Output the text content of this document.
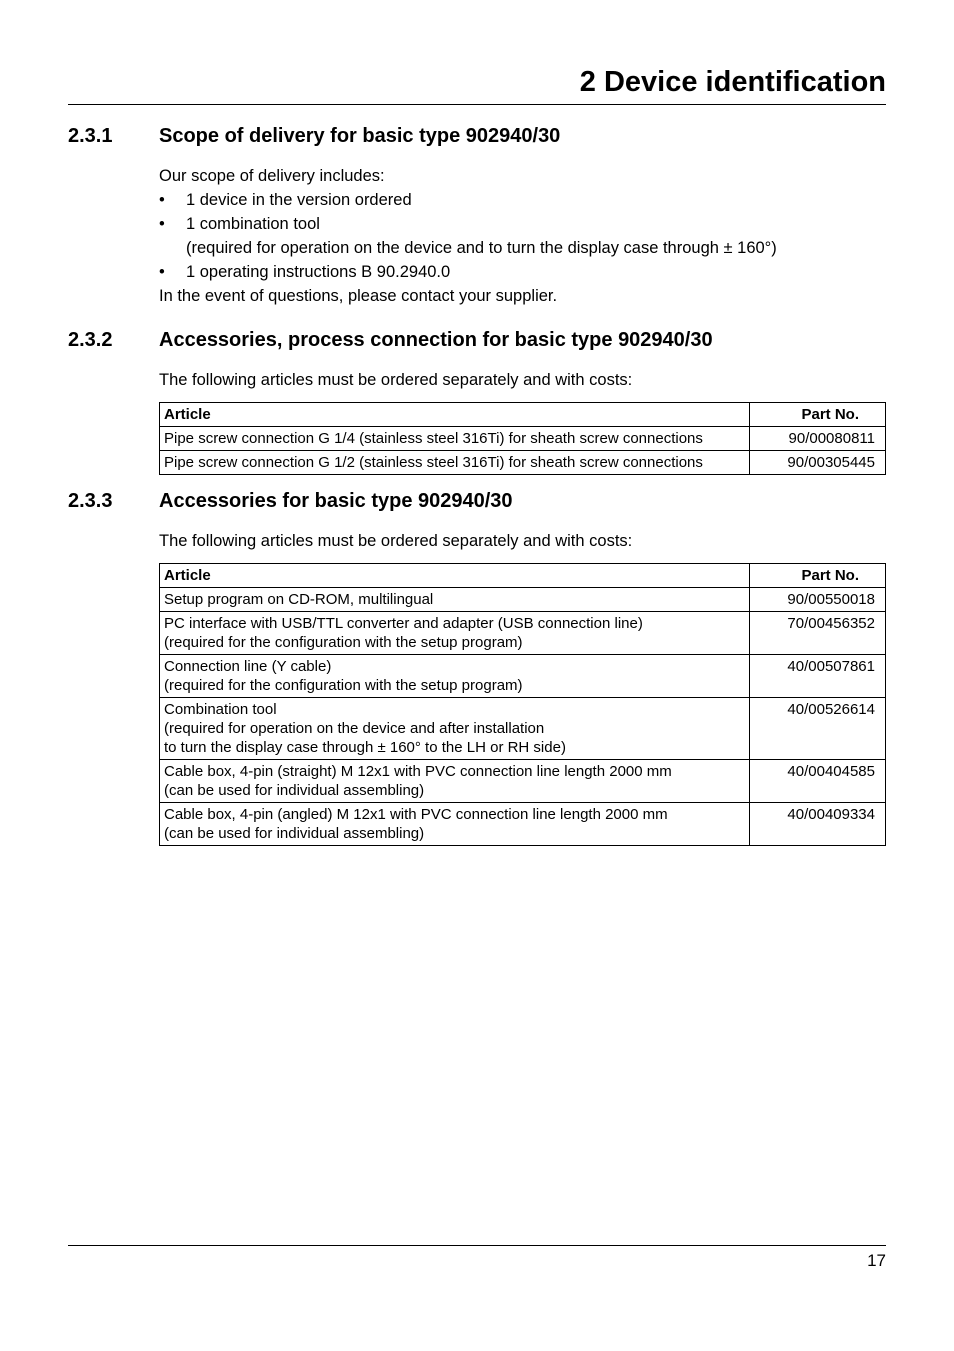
2 Device identification
2.3.1 Scope of delivery for basic type 902940/30

Our scope of delivery includes:

• 1 device in the version ordered
• 1 combination tool
(required for operation on the device and to turn the display case through ± 160°)
• 1 operating instructions B 90.2940.0

In the event of questions, please contact your supplier.

2.3.2 Accessories, process connection for basic type 902940/30

The following articles must be ordered separately and with costs:

Article	Part No.
Pipe screw connection G 1/4 (stainless steel 316Ti) for sheath screw connections	90/00080811
Pipe screw connection G 1/2 (stainless steel 316Ti) for sheath screw connections	90/00305445
2.3.3 Accessories for basic type 902940/30

The following articles must be ordered separately and with costs:

Article	Part No.

Setup program on CD-ROM, multilingual	90/00550018

PC interface with USB/TTL converter and adapter (USB connection line)
(required for the configuration with the setup program)	70/00456352

Connection line (Y cable)
(required for the configuration with the setup program)	40/00507861

Combination tool
(required for operation on the device and after installation
to turn the display case through ± 160° to the LH or RH side)	40/00526614

Cable box, 4-pin (straight) M 12x1 with PVC connection line length 2000 mm
(can be used for individual assembling)	40/00404585

Cable box, 4-pin (angled) M 12x1 with PVC connection line length 2000 mm
(can be used for individual assembling)	40/00409334
17
